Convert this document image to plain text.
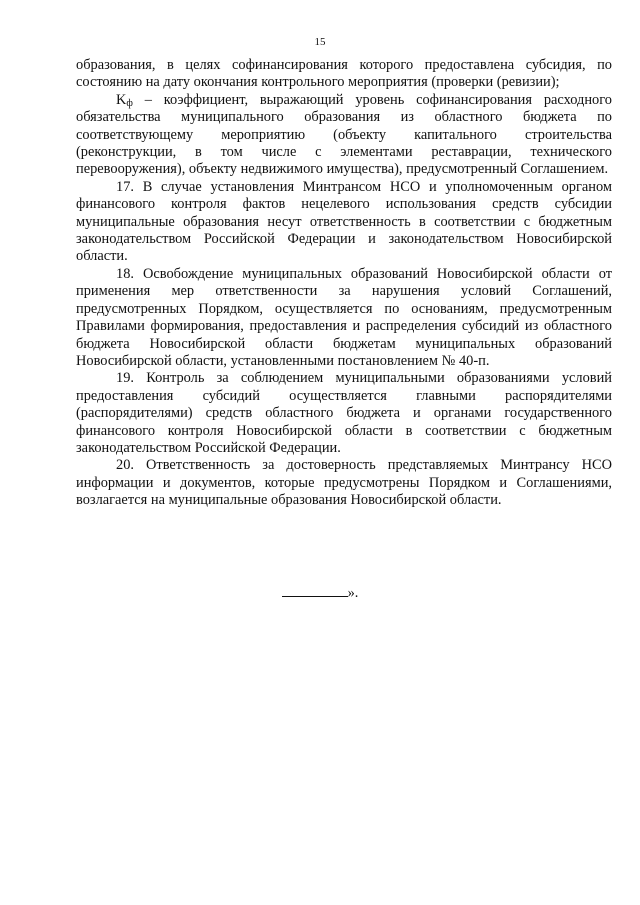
15

образования, в целях софинансирования которого предоставлена субсидия, по состоянию на дату окончания контрольного мероприятия (проверки (ревизии);

$K_ф$ – коэффициент, выражающий уровень софинансирования расходного обязательства муниципального образования из областного бюджета по соответствующему мероприятию (объекту капитального строительства (реконструкции, в том числе с элементами реставрации, технического перевооружения), объекту недвижимого имущества), предусмотренный Соглашением.

17. В случае установления Минтрансом НСО и уполномоченным органом финансового контроля фактов нецелевого использования средств субсидии муниципальные образования несут ответственность в соответствии с бюджетным законодательством Российской Федерации и законодательством Новосибирской области.

18. Освобождение муниципальных образований Новосибирской области от применения мер ответственности за нарушения условий Соглашений, предусмотренных Порядком, осуществляется по основаниям, предусмотренным Правилами формирования, предоставления и распределения субсидий из областного бюджета Новосибирской области бюджетам муниципальных образований Новосибирской области, установленными постановлением № 40-п.

19. Контроль за соблюдением муниципальными образованиями условий предоставления субсидий осуществляется главными распорядителями (распорядителями) средств областного бюджета и органами государственного финансового контроля Новосибирской области в соответствии с бюджетным законодательством Российской Федерации.

20. Ответственность за достоверность представляемых Минтрансу НСО информации и документов, которые предусмотрены Порядком и Соглашениями, возлагается на муниципальные образования Новосибирской области.

».
